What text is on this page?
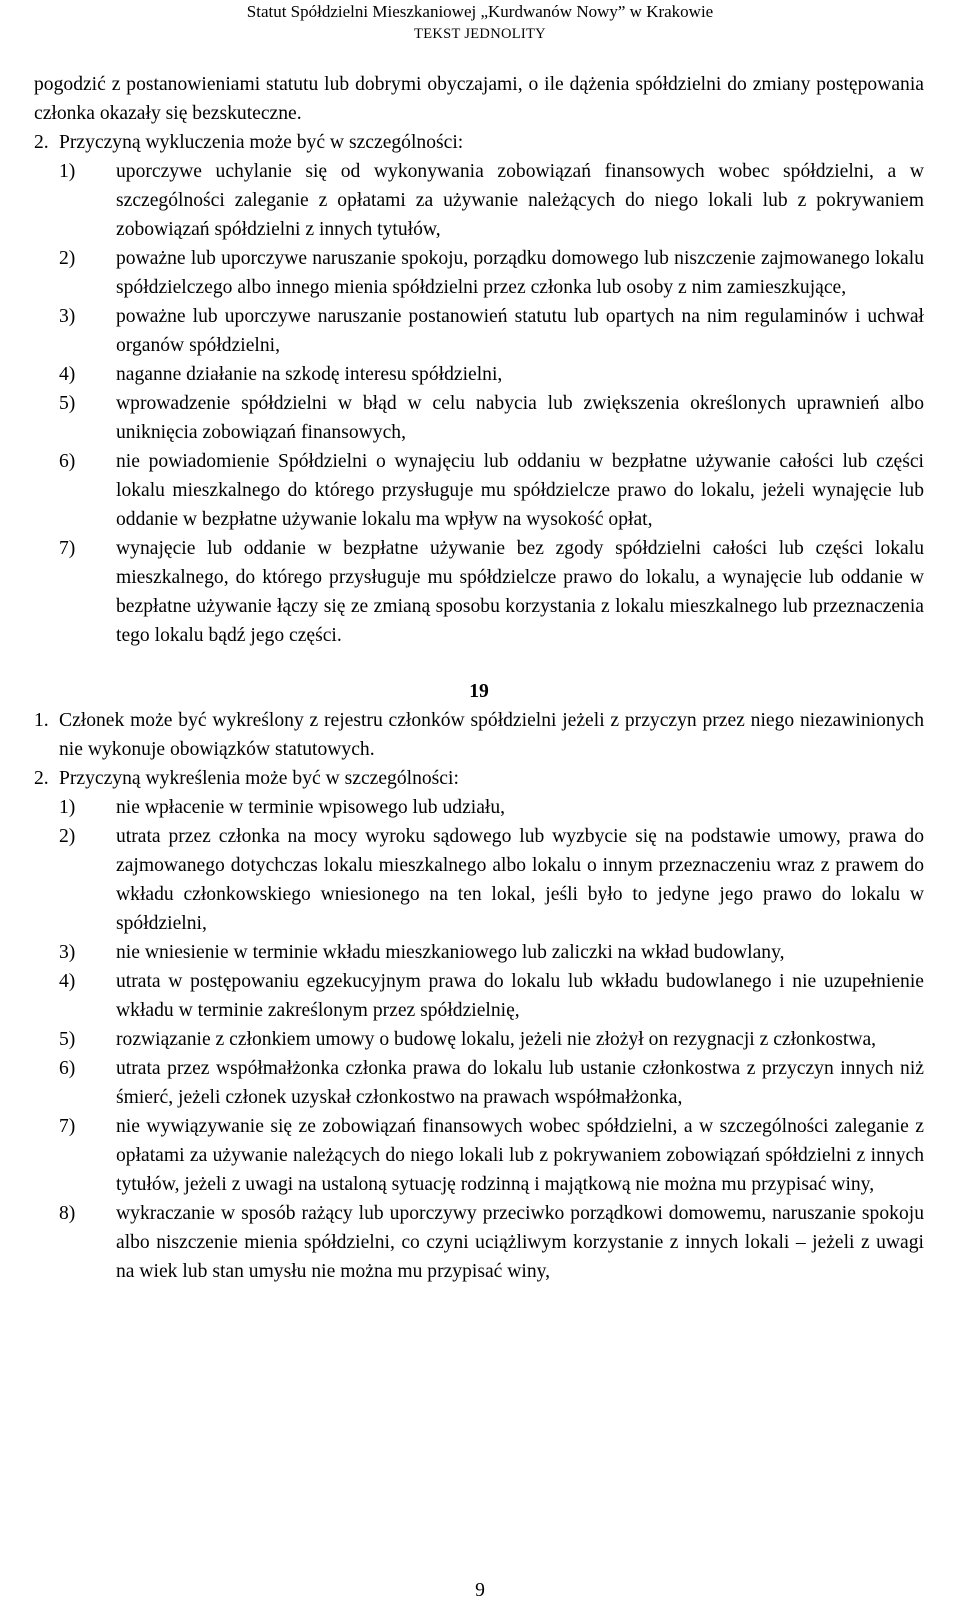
Statut Spółdzielni Mieszkaniowej „Kurdwanów Nowy” w Krakowie
TEKST JEDNOLITY
pogodzić z postanowieniami statutu lub dobrymi obyczajami, o ile dążenia spółdzielni do zmiany postępowania członka okazały się bezskuteczne.
2. Przyczyną wykluczenia może być w szczególności:
1)	uporczywe uchylanie się od wykonywania zobowiązań finansowych wobec spółdzielni, a w szczególności zaleganie z opłatami za używanie należących do niego lokali lub z pokrywaniem zobowiązań spółdzielni z innych tytułów,
2)	poważne lub uporczywe naruszanie spokoju, porządku domowego lub niszczenie zajmowanego lokalu spółdzielczego albo innego mienia spółdzielni przez członka lub osoby z nim zamieszkujące,
3)	poważne lub uporczywe naruszanie postanowień statutu lub opartych na nim regulaminów i uchwał organów spółdzielni,
4)	naganne działanie na szkodę interesu spółdzielni,
5)	wprowadzenie spółdzielni w błąd w celu nabycia lub zwiększenia określonych uprawnień albo uniknięcia zobowiązań finansowych,
6)	nie powiadomienie Spółdzielni o wynajęciu lub oddaniu w bezpłatne używanie całości lub części lokalu mieszkalnego do którego przysługuje mu spółdzielcze prawo do lokalu, jeżeli wynajęcie lub oddanie w bezpłatne używanie lokalu ma wpływ na wysokość opłat,
7)	wynajęcie lub oddanie w bezpłatne używanie bez zgody spółdzielni całości lub części lokalu mieszkalnego, do którego przysługuje mu spółdzielcze prawo do lokalu, a wynajęcie lub oddanie w bezpłatne używanie łączy się ze zmianą sposobu korzystania z lokalu mieszkalnego lub przeznaczenia tego lokalu bądź jego części.
19
1. Członek może być wykreślony z rejestru członków spółdzielni jeżeli z przyczyn przez niego niezawinionych nie wykonuje obowiązków statutowych.
2. Przyczyną wykreślenia może być w szczególności:
1)	nie wpłacenie w terminie wpisowego lub udziału,
2)	utrata przez członka na mocy wyroku sądowego lub wyzbycie się na podstawie umowy, prawa do zajmowanego dotychczas lokalu mieszkalnego albo lokalu o innym przeznaczeniu wraz z prawem do wkładu członkowskiego wniesionego na ten lokal, jeśli było to jedyne jego prawo do lokalu w spółdzielni,
3)	nie wniesienie w terminie wkładu mieszkaniowego lub zaliczki na wkład budowlany,
4)	utrata w postępowaniu egzekucyjnym prawa do lokalu lub wkładu budowlanego i nie uzupełnienie wkładu w terminie zakreślonym przez spółdzielnię,
5)	rozwiązanie z członkiem umowy o budowę lokalu, jeżeli nie złożył on rezygnacji z członkostwa,
6)	utrata przez współmałżonka członka prawa do lokalu lub ustanie członkostwa z przyczyn innych niż śmierć, jeżeli członek uzyskał członkostwo na prawach współmałżonka,
7)	nie wywiązywanie się ze zobowiązań finansowych wobec spółdzielni, a w szczególności zaleganie z opłatami za używanie należących do niego lokali lub z pokrywaniem zobowiązań spółdzielni z innych tytułów, jeżeli z uwagi na ustaloną sytuację rodzinną i majątkową nie można mu przypisać winy,
8)	wykraczanie w sposób rażący lub uporczywy przeciwko porządkowi domowemu, naruszanie spokoju albo niszczenie mienia spółdzielni, co czyni uciążliwym korzystanie z innych lokali – jeżeli z uwagi na wiek lub stan umysłu nie można mu przypisać winy,
9
